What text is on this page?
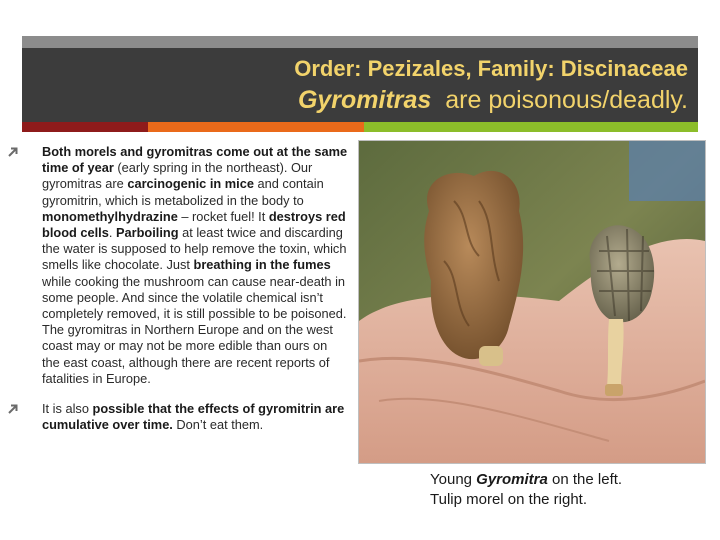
Order: Pezizales, Family: Discinaceae
Gyromitras  are poisonous/deadly.
Both morels and gyromitras come out at the same time of year (early spring in the northeast). Our gyromitras are carcinogenic in mice and contain gyromitrin, which is metabolized in the body to monomethylhydrazine – rocket fuel! It destroys red blood cells. Parboiling at least twice and discarding the water is supposed to help remove the toxin, which smells like chocolate. Just breathing in the fumes while cooking the mushroom can cause near-death in some people. And since the volatile chemical isn’t completely removed, it is still possible to be poisoned. The gyromitras in Northern Europe and on the west coast may or may not be more edible than ours on the east coast, although there are recent reports of fatalities in Europe.
It is also possible that the effects of gyromitrin are cumulative over time. Don’t eat them.
Young Gyromitra on the left.
Tulip morel on the right.
